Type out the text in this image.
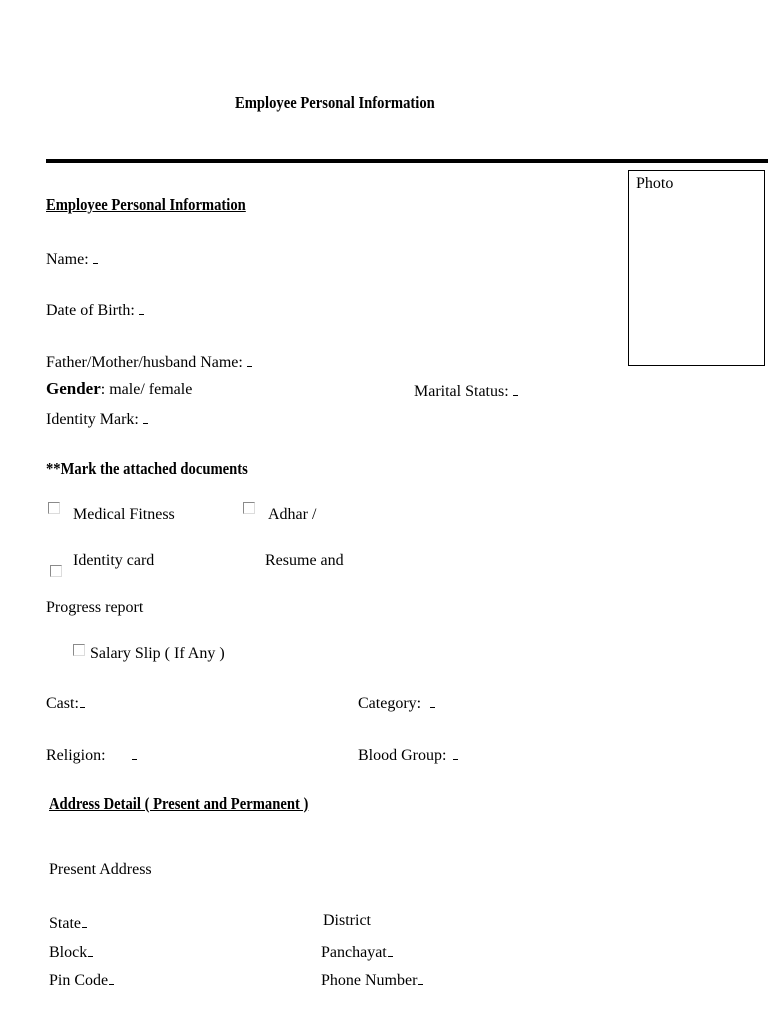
Employee Personal Information
Photo
Employee Personal Information
Name:
Date of Birth:
Father/Mother/husband Name:
Gender: male/ female	Marital Status:
Identity Mark:
**Mark the attached documents
Medical Fitness	Adhar /
Identity card	Resume and
Progress report
Salary Slip ( If Any )
Cast:	Category:
Religion:	Blood Group:
Address Detail ( Present and Permanent )
Present Address
State	District
Block	Panchayat
Pin Code	Phone Number
